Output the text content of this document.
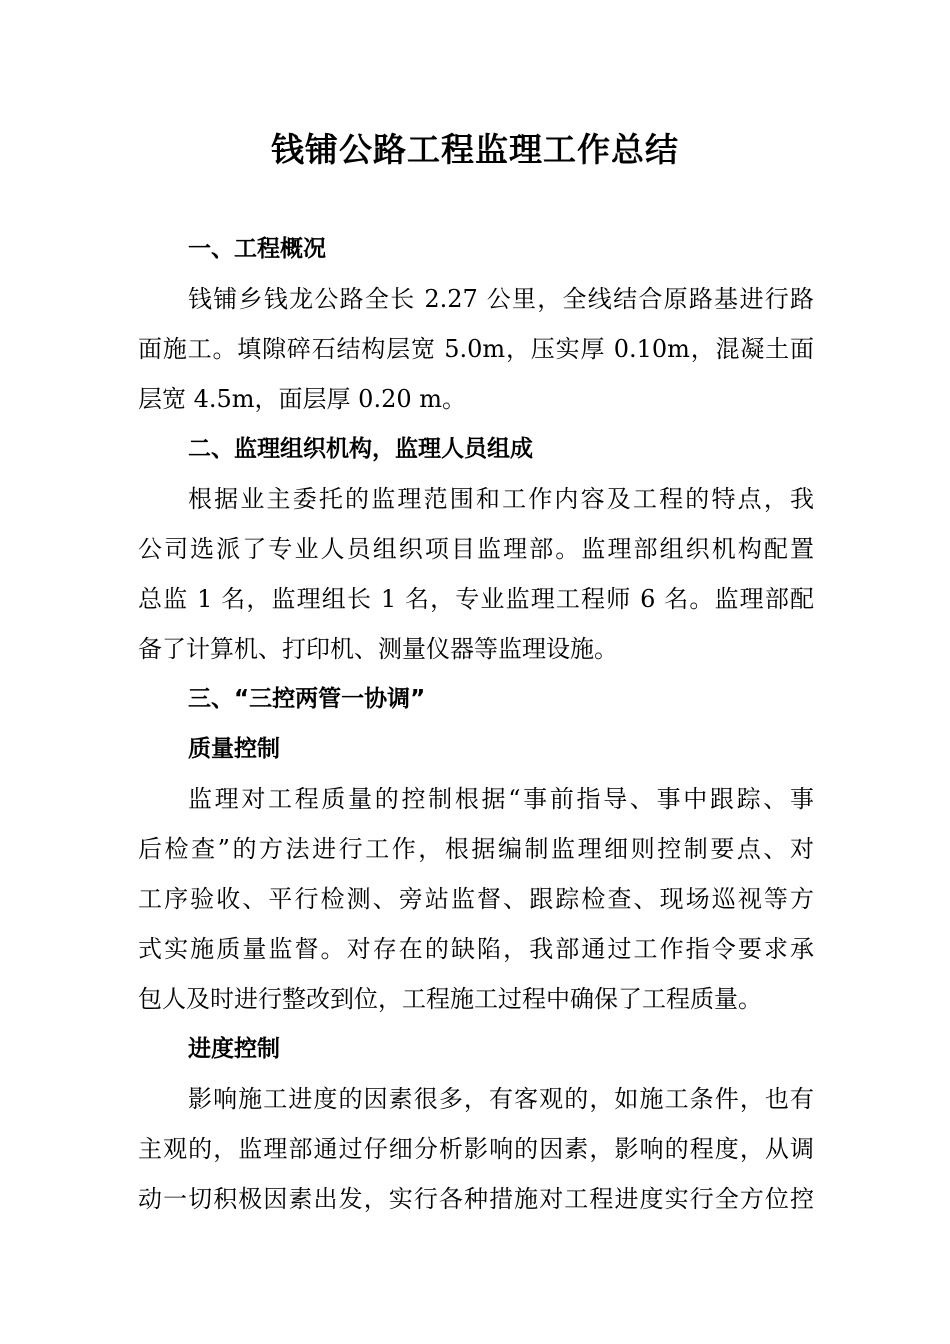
钱铺公路工程监理工作总结
一、工程概况
钱铺乡钱龙公路全长 2.27 公里，全线结合原路基进行路
面施工。填隙碎石结构层宽 5.0m，压实厚 0.10m，混凝土面
层宽 4.5m，面层厚 0.20 m。
二、监理组织机构，监理人员组成
根据业主委托的监理范围和工作内容及工程的特点，我
公司选派了专业人员组织项目监理部。监理部组织机构配置
总监 1 名，监理组长 1 名，专业监理工程师 6 名。监理部配
备了计算机、打印机、测量仪器等监理设施。
三、“三控两管一协调”
质量控制
监理对工程质量的控制根据“事前指导、事中跟踪、事
后检查”的方法进行工作，根据编制监理细则控制要点、对
工序验收、平行检测、旁站监督、跟踪检查、现场巡视等方
式实施质量监督。对存在的缺陷，我部通过工作指令要求承
包人及时进行整改到位，工程施工过程中确保了工程质量。
进度控制
影响施工进度的因素很多，有客观的，如施工条件，也有
主观的，监理部通过仔细分析影响的因素，影响的程度，从调
动一切积极因素出发，实行各种措施对工程进度实行全方位控
